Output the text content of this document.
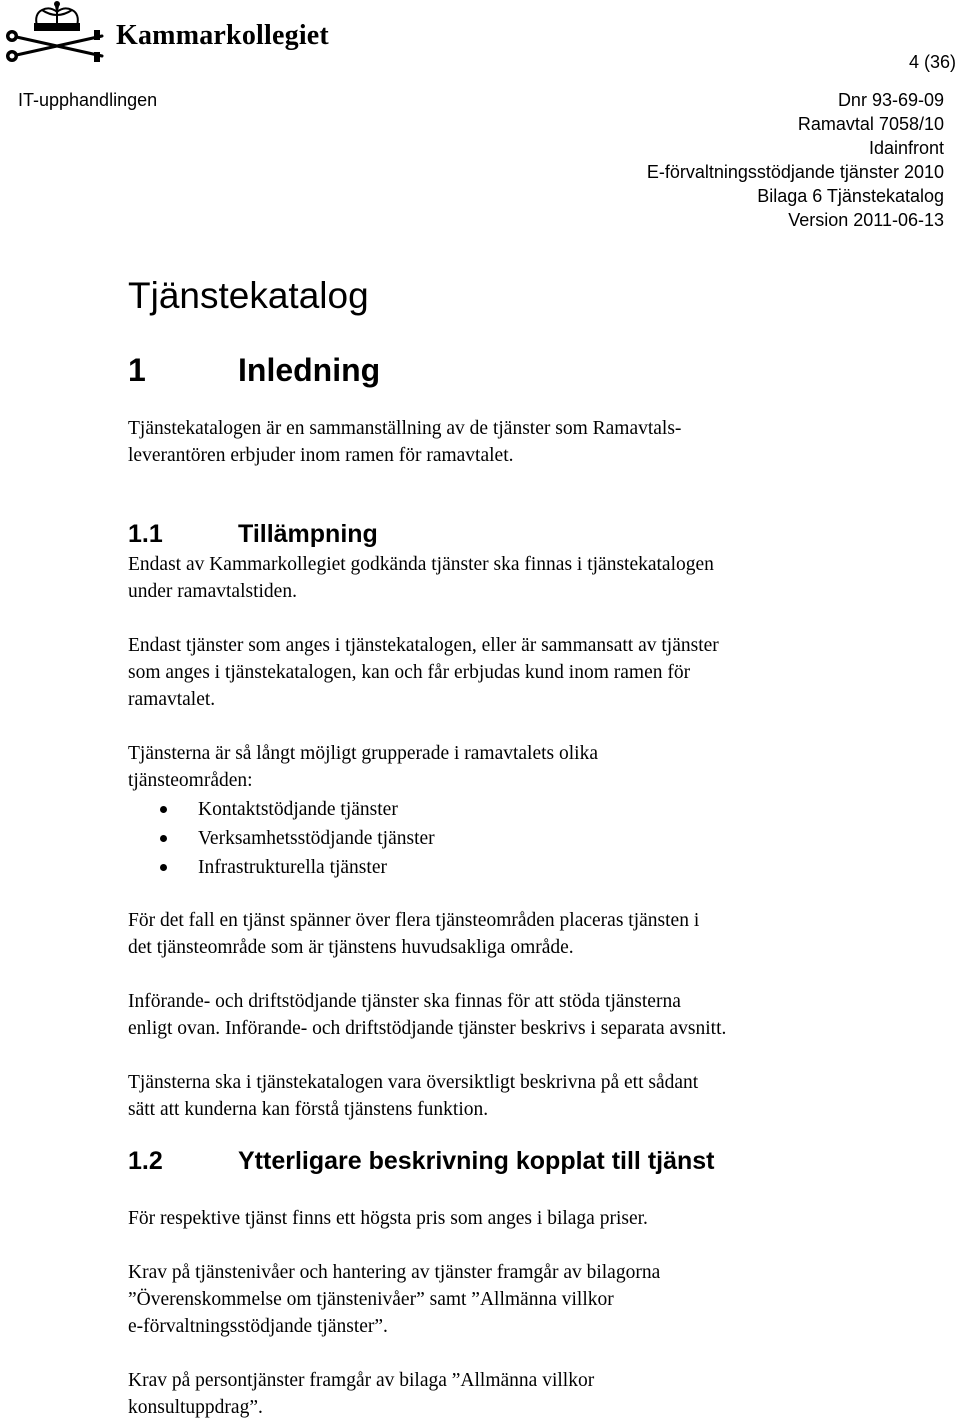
Kammarkollegiet
4 (36)
IT-upphandlingen	Dnr 93-69-09
Ramavtal 7058/10
Idainfront
E-förvaltningsstödjande tjänster 2010
Bilaga 6 Tjänstekatalog
Version 2011-06-13
Tjänstekatalog
1	Inledning
Tjänstekatalogen är en sammanställning av de tjänster som Ramavtals-
leverantören erbjuder inom ramen för ramavtalet.
1.1	Tillämpning
Endast av Kammarkollegiet godkända tjänster ska finnas i tjänstekatalogen
under ramavtalstiden.
Endast tjänster som anges i tjänstekatalogen, eller är sammansatt av tjänster
som anges i tjänstekatalogen, kan och får erbjudas kund inom ramen för
ramavtalet.
Tjänsterna är så långt möjligt grupperade i ramavtalets olika
tjänsteområden:
Kontaktstödjande tjänster
Verksamhetsstödjande tjänster
Infrastrukturella tjänster
För det fall en tjänst spänner över flera tjänsteområden placeras tjänsten i
det tjänsteområde som är tjänstens huvudsakliga område.
Införande- och driftstödjande tjänster ska finnas för att stöda tjänsterna
enligt ovan. Införande- och driftstödjande tjänster beskrivs i separata avsnitt.
Tjänsterna ska i tjänstekatalogen vara översiktligt beskrivna på ett sådant
sätt att kunderna kan förstå tjänstens funktion.
1.2	Ytterligare beskrivning kopplat till tjänst
För respektive tjänst finns ett högsta pris som anges i bilaga priser.
Krav på tjänstenivåer och hantering av tjänster framgår av bilagorna
”Överenskommelse om tjänstenivåer” samt ”Allmänna villkor
e-förvaltningsstödjande tjänster”.
Krav på persontjänster framgår av bilaga ”Allmänna villkor
konsultuppdrag”.
